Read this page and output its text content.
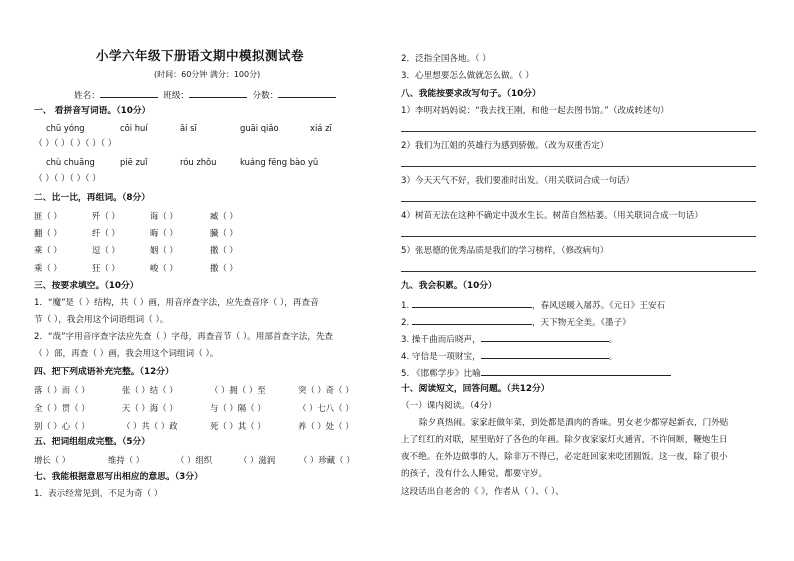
小学六年级下册语文期中模拟测试卷
(时间：60分钟 满分：100分)
姓名：	班级：	分数：
一、 看拼音写词语。（10分）
chū yóng	cōi huí	āi sī	guāi qiǎo	xiá zī
（ ）（ ）（ ）（ ）（ ）
chù chuāng	piē zuǐ	róu zhǒu	kuáng fēng bào yǔ
（ ）（ ）（ ）（ ）
二、比一比，再组词。（8分）
匪（ ）	歼（ ）	诲（ ）	臧（ ）
翻（ ）	纤（ ）	晦（ ）	臓（ ）
乘（ ）	逗（ ）	姻（ ）	撒（ ）
乘（ ）	狂（ ）	峻（ ）	撒（ ）
三、按要求填空。（10分）
1．“魔”是（ ）结构，共（ ）画，用音序查字法，应先查音序（ ），再查音
节（ ），我会用这个词语组词（ ）。
2．“哉”字用音序查字法应先查（ ）字母，再查音节（ ）。用部首查字法，先查
（ ）部，再查（ ）画，我会用这个词组词（ ）。
四、把下列成语补充完整。（12分）
落（ ）而（ ）	张（ ）结（ ）	（ ）拥（ ）至	突（ ）奇（ ）
全（ ）贯（ ）	天（ ）海（ ）	与（ ）隔（ ）	（ ）七八（ ）
别（ ）心（ ）	（ ）共（ ）政	死（ ）其（ ）	养（ ）处（ ）
五、把词组组成完整。（5分）
增长（ ）	维持（ ）	（ ）组织	（ ）滋润	（ ）珍藏（ ）
七、我能根据意思写出相应的意思。（3分）
1．表示经常见到，不足为奇（ ）
2．泛指全国各地。（ ）
3．心里想要怎么做就怎么做。（ ）
八、我能按要求改写句子。（10分）
1）李明对妈妈说：“我去找王刚，和他一起去图书馆。”（改成转述句）
2）我们为江姐的英雄行为感到骄傲。（改为双重否定）
3）今天天气不好，我们要准时出发。（用关联词合成一句话）
4）树苗无法在这种不确定中汲水生长。树苗自然枯萎。（用关联词合成一句话）
5）张思德的优秀品质是我们的学习榜样，（修改病句）
九、我会积累。（10分）
1.	，春风送暖入屠苏。《元日》王安石
2.	，天下物无全美。《墨子》
3. 操千曲而后晓声，	。
4. 守信是一项财宝，	。
5. 《邯郸学步》比喻
十、阅读短文，回答问题。（共12分）
（一）课内阅读。（4分）
除夕真热闹。家家赶做年菜，到处都是酒肉的香味。男女老少都穿起新衣，门外贴
上了红红的对联，屋里贴好了各色的年画。除夕夜家家灯火通宵，不许间断，鞭炮生日
夜不绝。在外边做事的人，除非万不得已，必定赶回家来吃团圆饭。这一夜，除了很小
的孩子，没有什么人睡觉，都要守岁。
这段话出自老舍的《 》，作者从（ ）、（ ）、
